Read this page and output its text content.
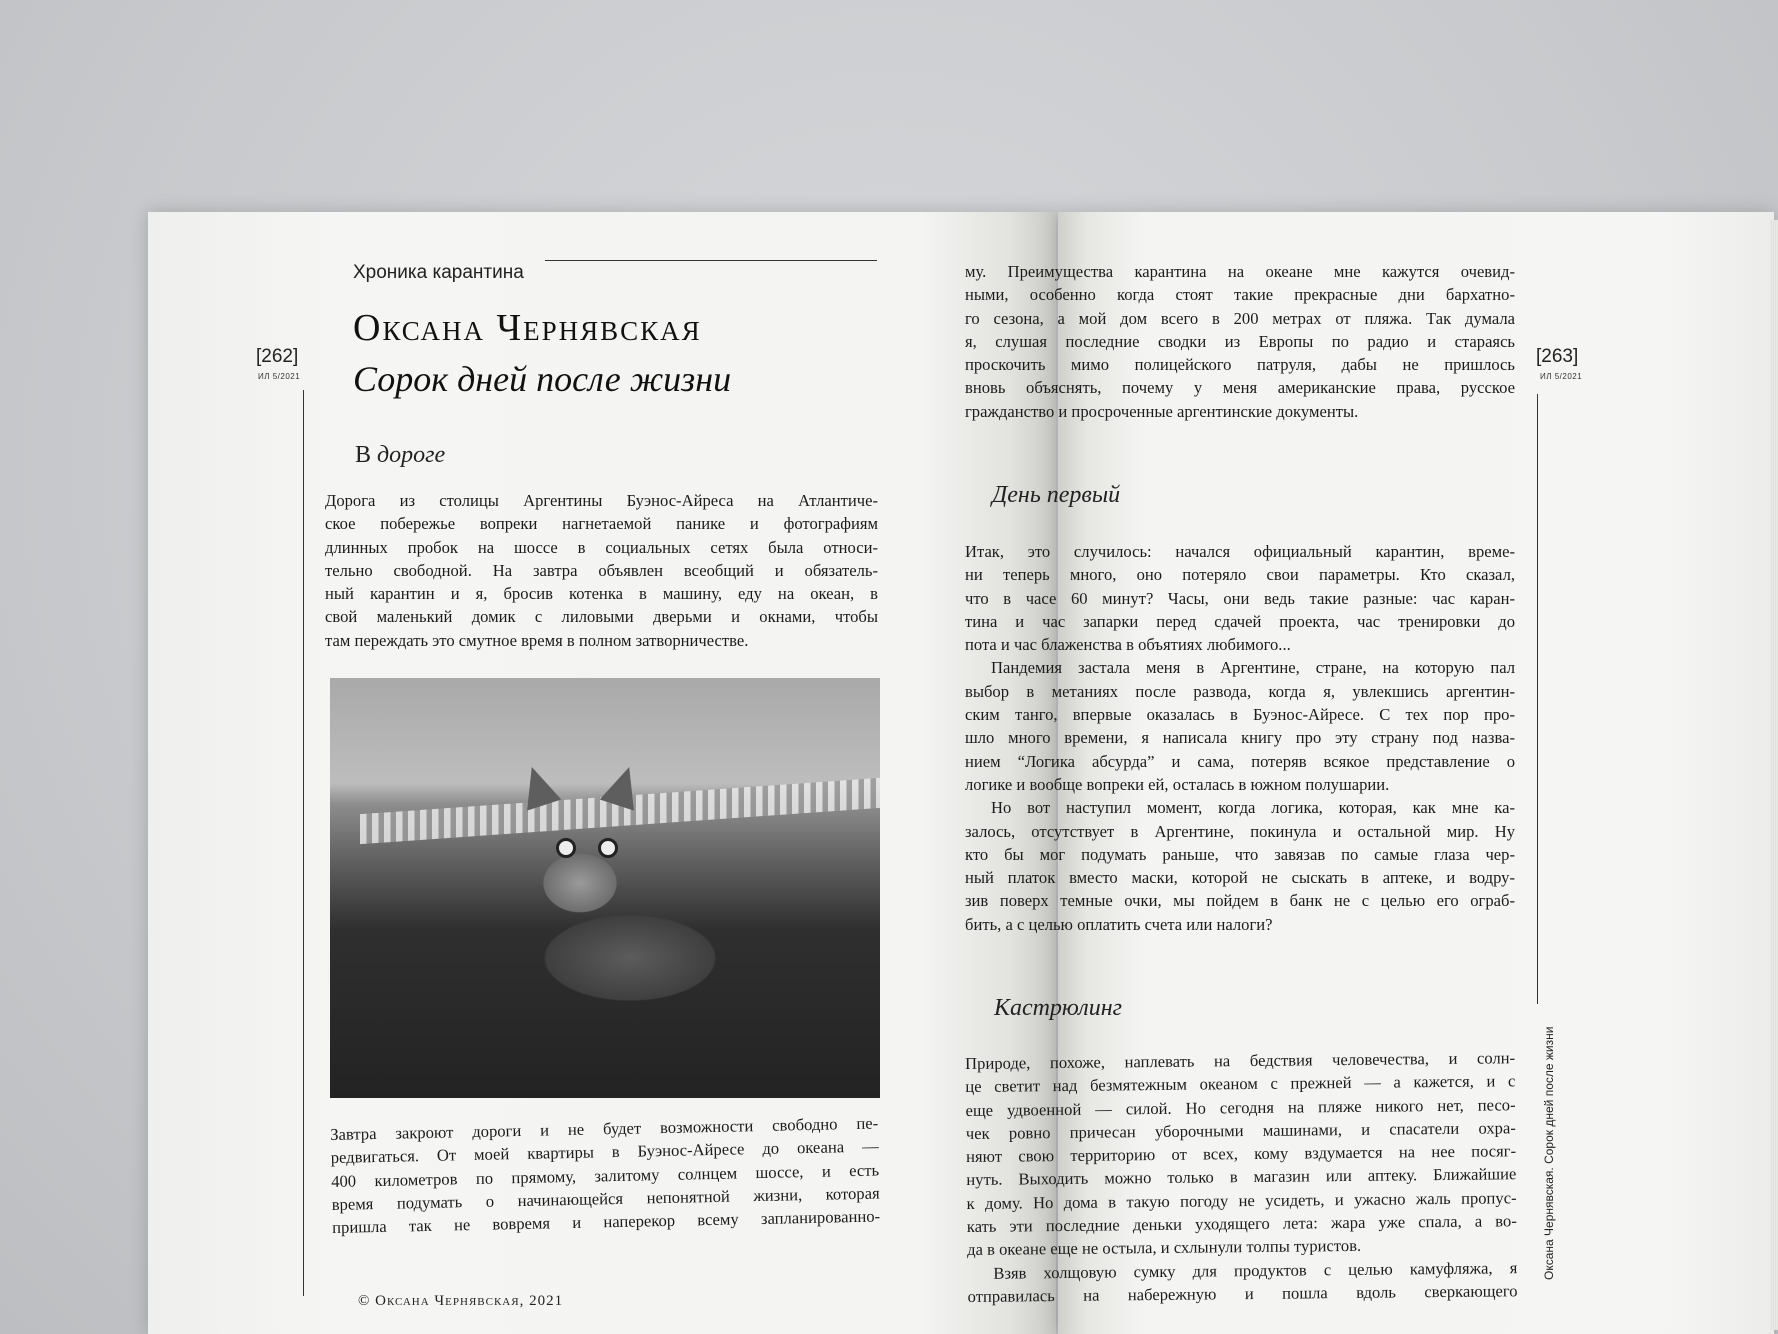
[262]
ИЛ 5/2021
Хроника карантина
Оксана Чернявская
Сорок дней после жизни
В дороге
Дорога из столицы Аргентины Буэнос-Айреса на Атлантиче-
ское побережье вопреки нагнетаемой панике и фотографиям
длинных пробок на шоссе в социальных сетях была относи-
тельно свободной. На завтра объявлен всеобщий и обязатель-
ный карантин и я, бросив котенка в машину, еду на океан, в
свой маленький домик с лиловыми дверьми и окнами, чтобы
там переждать это смутное время в полном затворничестве.
Завтра закроют дороги и не будет возможности свободно пе-
редвигаться. От моей квартиры в Буэнос-Айресе до океана —
400 километров по прямому, залитому солнцем шоссе, и есть
время подумать о начинающейся непонятной жизни, которая
пришла так не вовремя и наперекор всему запланированно-
© Оксана Чернявская, 2021
[263]
ИЛ 5/2021
Оксана Чернявская. Сорок дней после жизни
му. Преимущества карантина на океане мне кажутся очевид-
ными, особенно когда стоят такие прекрасные дни бархатно-
го сезона, а мой дом всего в 200 метрах от пляжа. Так думала
я, слушая последние сводки из Европы по радио и стараясь
проскочить мимо полицейского патруля, дабы не пришлось
вновь объяснять, почему у меня американские права, русское
гражданство и просроченные аргентинские документы.
День первый
Итак, это случилось: начался официальный карантин, време-
ни теперь много, оно потеряло свои параметры. Кто сказал,
что в часе 60 минут? Часы, они ведь такие разные: час каран-
тина и час запарки перед сдачей проекта, час тренировки до
пота и час блаженства в объятиях любимого...
Пандемия застала меня в Аргентине, стране, на которую пал
выбор в метаниях после развода, когда я, увлекшись аргентин-
ским танго, впервые оказалась в Буэнос-Айресе. С тех пор про-
шло много времени, я написала книгу про эту страну под назва-
нием “Логика абсурда” и сама, потеряв всякое представление о
логике и вообще вопреки ей, осталась в южном полушарии.
Но вот наступил момент, когда логика, которая, как мне ка-
залось, отсутствует в Аргентине, покинула и остальной мир. Ну
кто бы мог подумать раньше, что завязав по самые глаза чер-
ный платок вместо маски, которой не сыскать в аптеке, и водру-
зив поверх темные очки, мы пойдем в банк не с целью его ограб-
бить, а с целью оплатить счета или налоги?
Кастрюлинг
Природе, похоже, наплевать на бедствия человечества, и солн-
це светит над безмятежным океаном с прежней — а кажется, и с
еще удвоенной — силой. Но сегодня на пляже никого нет, песо-
чек ровно причесан уборочными машинами, и спасатели охра-
няют свою территорию от всех, кому вздумается на нее посяг-
нуть. Выходить можно только в магазин или аптеку. Ближайшие
к дому. Но дома в такую погоду не усидеть, и ужасно жаль пропус-
кать эти последние деньки уходящего лета: жара уже спала, а во-
да в океане еще не остыла, и схлынули толпы туристов.
Взяв холщовую сумку для продуктов с целью камуфляжа, я
отправилась на набережную и пошла вдоль сверкающего
